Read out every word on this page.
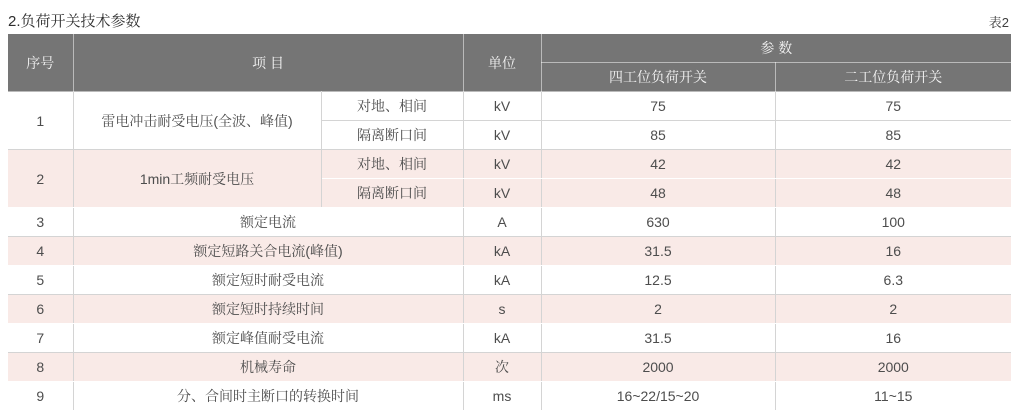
2.负荷开关技术参数	表2
序号	项 目		单位	参 数	
				四工位负荷开关	二工位负荷开关
1	雷电冲击耐受电压(全波、峰值)	对地、相间	kV	75	75
		隔离断口间	kV	85	85
2	1min工频耐受电压	对地、相间	kV	42	42
		隔离断口间	kV	48	48
3	额定电流		A	630	100
4	额定短路关合电流(峰值)		kA	31.5	16
5	额定短时耐受电流		kA	12.5	6.3
6	额定短时持续时间		s	2	2
7	额定峰值耐受电流		kA	31.5	16
8	机械寿命		次	2000	2000
9	分、合间时主断口的转换时间		ms	16~22/15~20	11~15
